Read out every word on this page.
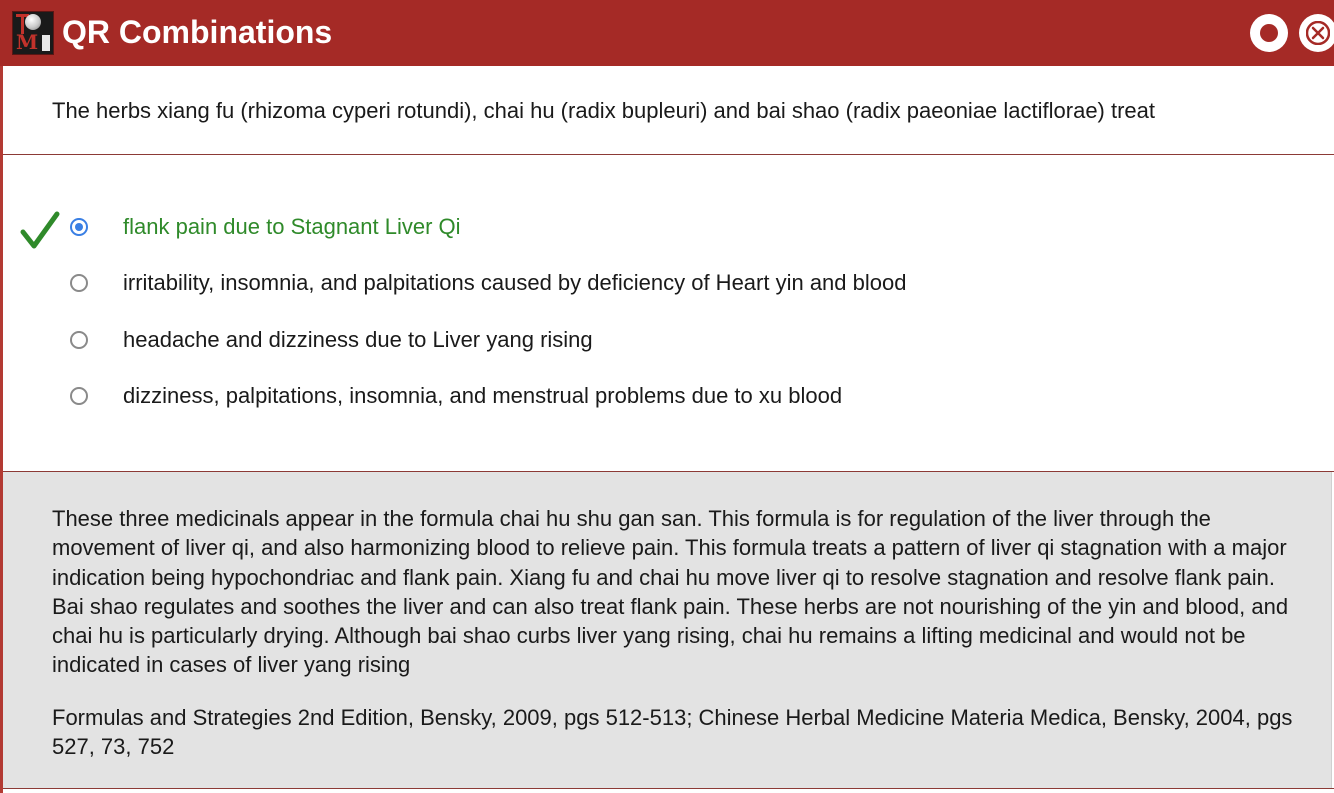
M QR Combinations

The herbs xiang fu (rhizoma cyperi rotundi), chai hu (radix bupleuri) and bai shao (radix paeoniae lactiflorae) treat

flank pain due to Stagnant Liver Qi
irritability, insomnia, and palpitations caused by deficiency of Heart yin and blood
headache and dizziness due to Liver yang rising
dizziness, palpitations, insomnia, and menstrual problems due to xu blood

These three medicinals appear in the formula chai hu shu gan san. This formula is for regulation of the liver through the movement of liver qi, and also harmonizing blood to relieve pain. This formula treats a pattern of liver qi stagnation with a major indication being hypochondriac and flank pain. Xiang fu and chai hu move liver qi to resolve stagnation and resolve flank pain. Bai shao regulates and soothes the liver and can also treat flank pain. These herbs are not nourishing of the yin and blood, and chai hu is particularly drying. Although bai shao curbs liver yang rising, chai hu remains a lifting medicinal and would not be indicated in cases of liver yang rising

Formulas and Strategies 2nd Edition, Bensky, 2009, pgs 512-513; Chinese Herbal Medicine Materia Medica, Bensky, 2004, pgs 527, 73, 752
